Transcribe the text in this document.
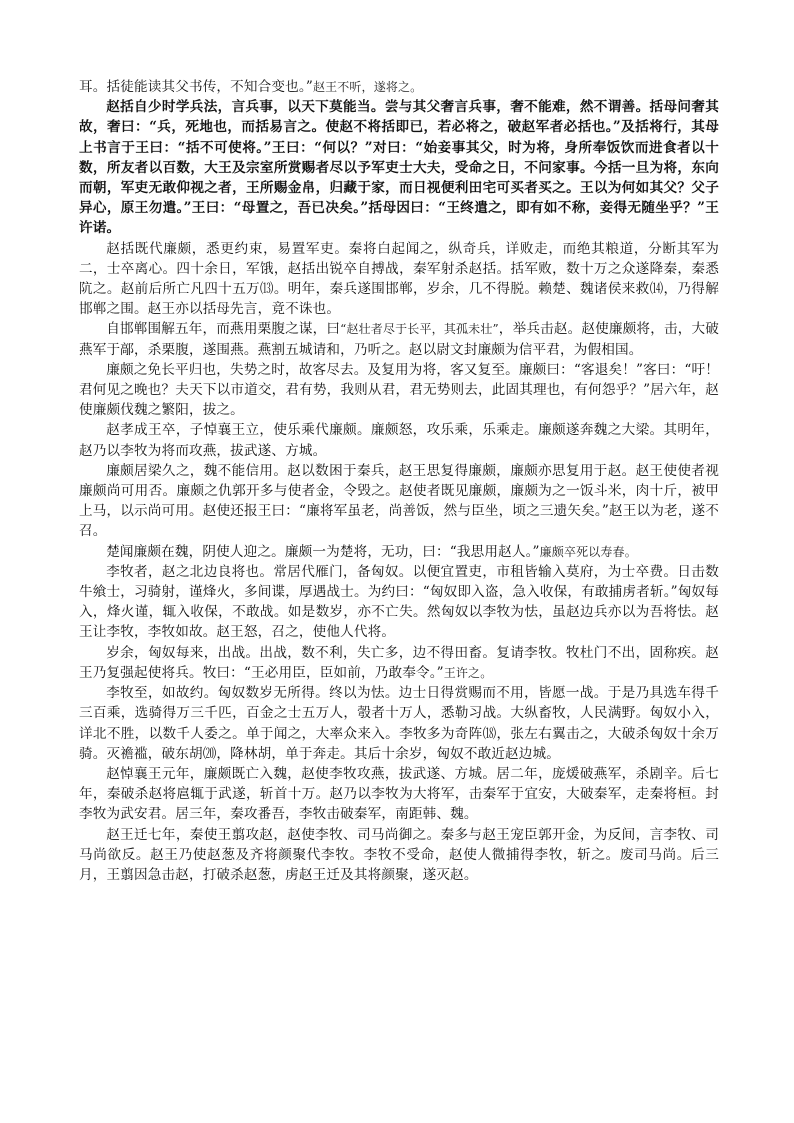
耳。括徒能读其父书传，不知合变也。”赵王不听，遂将之。

赵括自少时学兵法，言兵事，以天下莫能当。尝与其父奢言兵事，奢不能难，然不谓善。括母问奢其故，奢曰：“兵，死地也，而括易言之。使赵不将括即已，若必将之，破赵军者必括也。”及括将行，其母上书言于王曰：“括不可使将。”王曰：“何以？”对曰：“始妾事其父，时为将，身所奉饭饮而进食者以十数，所友者以百数，大王及宗室所赏赐者尽以予军吏士大夫，受命之日，不问家事。今括一旦为将，东向而朝，军吏无敢仰视之者，王所赐金帛，归藏于家，而日视便利田宅可买者买之。王以为何如其父？父子异心，原王勿遣。”王曰：“母置之，吾已决矣。”括母因曰：“王终遣之，即有如不称，妾得无随坐乎？”王许诺。

赵括既代廉颇，悉更约束，易置军吏。秦将白起闻之，纵奇兵，详败走，而绝其粮道，分断其军为二，士卒离心。四十余日，军饿，赵括出锐卒自搏战，秦军射杀赵括。括军败，数十万之众遂降秦，秦悉阬之。赵前后所亡凡四十五万⒀。明年，秦兵遂围邯郸，岁余，几不得脱。赖楚、魏诸侯来救⒁，乃得解邯郸之围。赵王亦以括母先言，竟不诛也。

自邯郸围解五年，而燕用栗腹之谋，曰“赵壮者尽于长平，其孤未壮”，举兵击赵。赵使廉颇将，击，大破燕军于鄗，杀栗腹，遂围燕。燕割五城请和，乃听之。赵以尉文封廉颇为信平君，为假相国。

廉颇之免长平归也，失势之时，故客尽去。及复用为将，客又复至。廉颇曰：“客退矣！”客曰：“吁！君何见之晚也？夫天下以市道交，君有势，我则从君，君无势则去，此固其理也，有何怨乎？”居六年，赵使廉颇伐魏之繁阳，拔之。

赵孝成王卒，子悼襄王立，使乐乘代廉颇。廉颇怒，攻乐乘，乐乘走。廉颇遂奔魏之大梁。其明年，赵乃以李牧为将而攻燕，拔武遂、方城。

廉颇居梁久之，魏不能信用。赵以数困于秦兵，赵王思复得廉颇，廉颇亦思复用于赵。赵王使使者视廉颇尚可用否。廉颇之仇郭开多与使者金，令毁之。赵使者既见廉颇，廉颇为之一饭斗米，肉十斤，被甲上马，以示尚可用。赵使还报王曰：“廉将军虽老，尚善饭，然与臣坐，顷之三遗矢矣。”赵王以为老，遂不召。

楚闻廉颇在魏，阴使人迎之。廉颇一为楚将，无功，曰：“我思用赵人。”廉颇卒死以寿春。

李牧者，赵之北边良将也。常居代雁门，备匈奴。以便宜置吏，市租皆输入莫府，为士卒费。日击数牛飨士，习骑射，谨烽火，多间谍，厚遇战士。为约曰：“匈奴即入盗，急入收保，有敢捕虏者斩。”匈奴每入，烽火谨，辄入收保，不敢战。如是数岁，亦不亡失。然匈奴以李牧为怯，虽赵边兵亦以为吾将怯。赵王让李牧，李牧如故。赵王怒，召之，使他人代将。

岁余，匈奴每来，出战。出战，数不利，失亡多，边不得田畜。复请李牧。牧杜门不出，固称疾。赵王乃复强起使将兵。牧曰：“王必用臣，臣如前，乃敢奉令。”王许之。

李牧至，如故约。匈奴数岁无所得。终以为怯。边士日得赏赐而不用，皆愿一战。于是乃具选车得千三百乘，选骑得万三千匹，百金之士五万人，彀者十万人，悉勒习战。大纵畜牧，人民满野。匈奴小入，详北不胜，以数千人委之。单于闻之，大率众来入。李牧多为奇阵⒅，张左右翼击之，大破杀匈奴十余万骑。灭襜褴，破东胡⒇，降林胡，单于奔走。其后十余岁，匈奴不敢近赵边城。

赵悼襄王元年，廉颇既亡入魏，赵使李牧攻燕，拔武遂、方城。居二年，庞煖破燕军，杀剧辛。后七年，秦破杀赵将扈辄于武遂，斩首十万。赵乃以李牧为大将军，击秦军于宜安，大破秦军，走秦将桓。封李牧为武安君。居三年，秦攻番吾，李牧击破秦军，南距韩、魏。

赵王迁七年，秦使王翦攻赵，赵使李牧、司马尚御之。秦多与赵王宠臣郭开金，为反间，言李牧、司马尚欲反。赵王乃使赵葱及齐将颜聚代李牧。李牧不受命，赵使人微捕得李牧，斩之。废司马尚。后三月，王翦因急击赵，打破杀赵葱，虏赵王迁及其将颜聚，遂灭赵。
